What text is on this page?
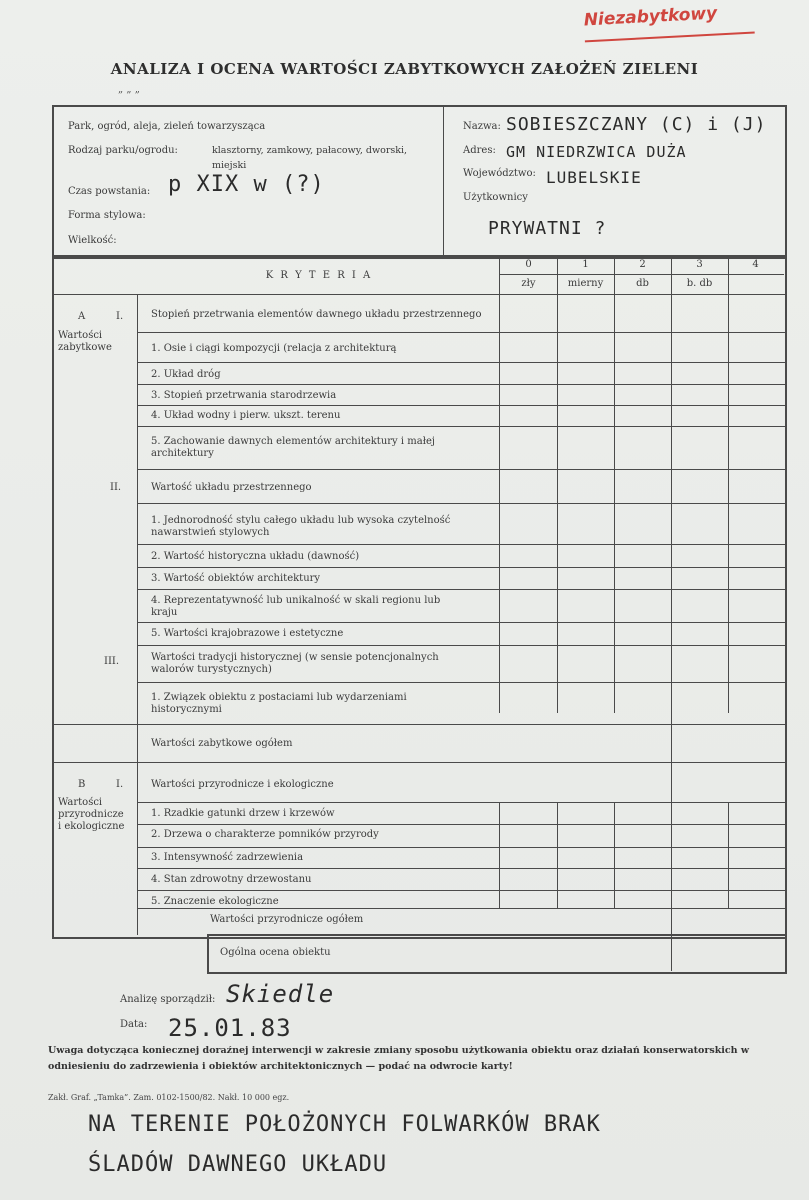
Niezabytkowy
ANALIZA I OCENA WARTOŚCI ZABYTKOWYCH ZAŁOŻEŃ ZIELENI
„ „ „
Park, ogród, aleja, zieleń towarzysząca
Rodzaj parku/ogrodu:	klasztorny, zamkowy, pałacowy, dworski,
miejski
Czas powstania: p XIX w (?)
Forma stylowa:
Wielkość:
Nazwa: SOBIESZCZANY (C) i (J)
Adres: GM NIEDRZWICA DUŻA
Województwo: LUBELSKIE
Użytkownicy
PRYWATNI ?
K R Y T E R I A
0	1	2	3	4
zły	mierny	db	b. db
A	I.
Wartości zabytkowe
Stopień przetrwania elementów dawnego układu przestrzennego
1. Osie i ciągi kompozycji (relacja z architekturą
2. Układ dróg
3. Stopień przetrwania starodrzewia
4. Układ wodny i pierw. ukszt. terenu
5. Zachowanie dawnych elementów architektury i małej architektury
II.	Wartość układu przestrzennego
1. Jednorodność stylu całego układu lub wysoka czytelność nawarstwień stylowych
2. Wartość historyczna układu (dawność)
3. Wartość obiektów architektury
4. Reprezentatywność lub unikalność w skali regionu lub kraju
5. Wartości krajobrazowe i estetyczne
III.	Wartości tradycji historycznej (w sensie potencjonalnych walorów turystycznych)
1. Związek obiektu z postaciami lub wydarzeniami historycznymi
Wartości zabytkowe ogółem
B	I.
Wartości przyrodnicze i ekologiczne
Wartości przyrodnicze i ekologiczne
1. Rzadkie gatunki drzew i krzewów
2. Drzewa o charakterze pomników przyrody
3. Intensywność zadrzewienia
4. Stan zdrowotny drzewostanu
5. Znaczenie ekologiczne
Wartości przyrodnicze ogółem
Ogólna ocena obiektu
Analizę sporządził: Skiedle
Data: 25.01.83
Uwaga dotycząca koniecznej doraźnej interwencji w zakresie zmiany sposobu użytkowania obiektu oraz działań konserwatorskich w odniesieniu do zadrzewienia i obiektów architektonicznych — podać na odwrocie karty!
Zakł. Graf. „Tamka”. Zam. 0102-1500/82. Nakł. 10 000 egz.
NA TERENIE POŁOŻONYCH FOLWARKÓW BRAK
ŚLADÓW DAWNEGO UKŁADU
